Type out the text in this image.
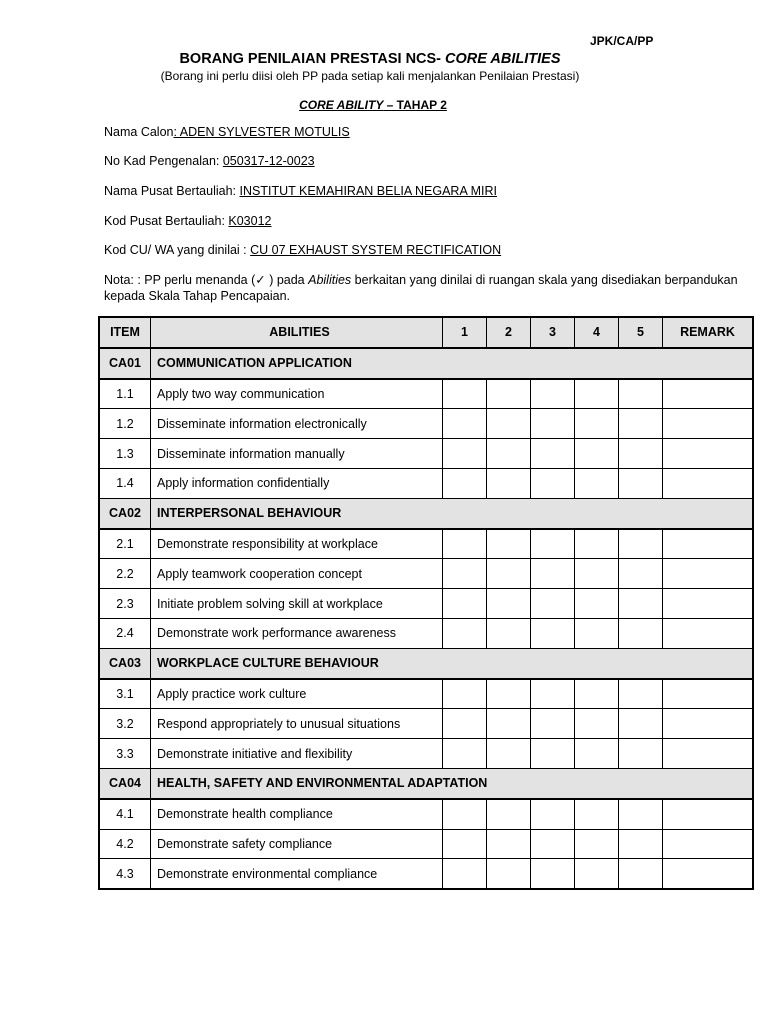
JPK/CA/PP
BORANG PENILAIAN PRESTASI NCS- CORE ABILITIES
(Borang ini perlu diisi oleh PP pada setiap kali menjalankan Penilaian Prestasi)
CORE ABILITY – TAHAP 2
Nama Calon: ADEN SYLVESTER MOTULIS
No Kad Pengenalan: 050317-12-0023
Nama Pusat Bertauliah: INSTITUT KEMAHIRAN BELIA NEGARA MIRI
Kod Pusat Bertauliah: K03012
Kod CU/ WA yang dinilai : CU 07 EXHAUST SYSTEM RECTIFICATION
Nota: : PP perlu menanda (✓ ) pada Abilities berkaitan yang dinilai di ruangan skala yang disediakan berpandukan kepada Skala Tahap Pencapaian.
ITEM	ABILITIES	1	2	3	4	5	REMARK
CA01	COMMUNICATION APPLICATION						
1.1	Apply two way communication						
1.2	Disseminate information electronically						
1.3	Disseminate information manually						
1.4	Apply information confidentially						
CA02	INTERPERSONAL BEHAVIOUR						
2.1	Demonstrate responsibility at workplace						
2.2	Apply teamwork cooperation concept						
2.3	Initiate problem solving skill at workplace						
2.4	Demonstrate work performance awareness						
CA03	WORKPLACE CULTURE BEHAVIOUR						
3.1	Apply practice work culture						
3.2	Respond appropriately to unusual situations						
3.3	Demonstrate initiative and flexibility						
CA04	HEALTH, SAFETY AND ENVIRONMENTAL ADAPTATION						
4.1	Demonstrate health compliance						
4.2	Demonstrate safety compliance						
4.3	Demonstrate environmental compliance						
